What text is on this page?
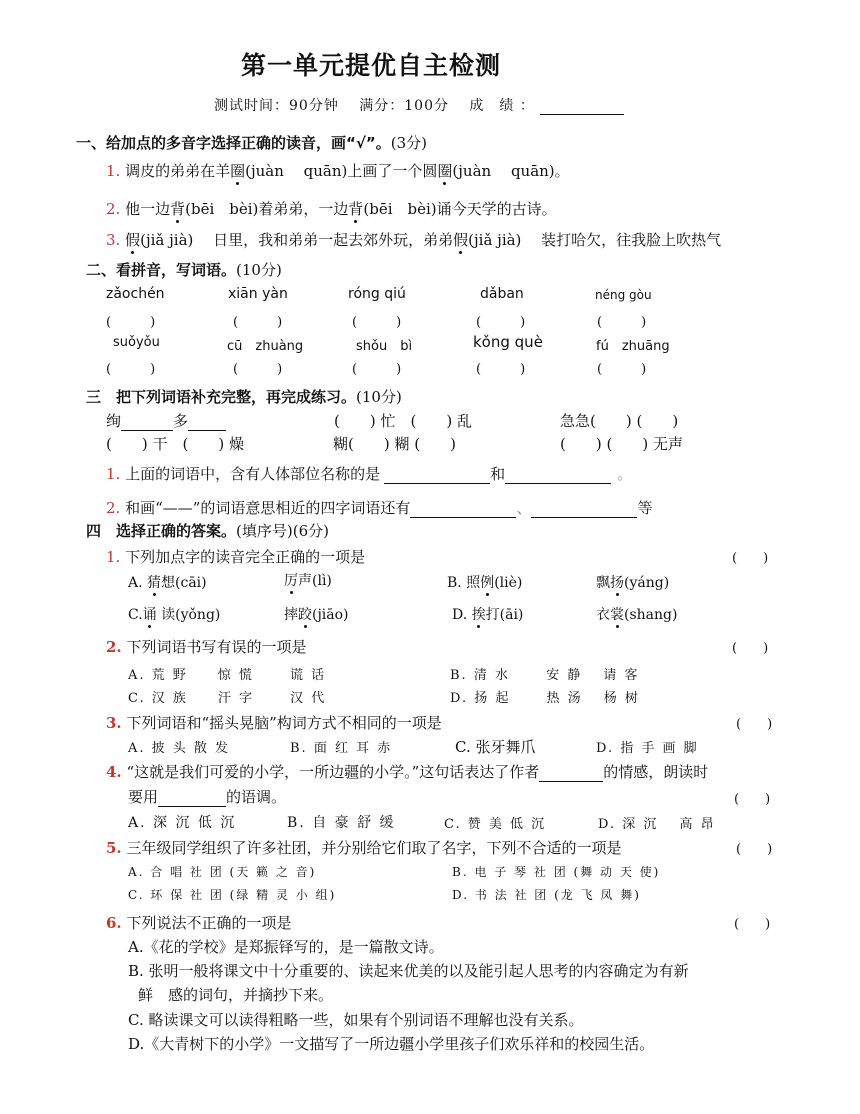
第一单元提优自主检测
测试时间：90分钟　 满分：100分　 成　绩 ：
一、给加点的多音字选择正确的读音，画“√”。(3分)
1. 调皮的弟弟在羊圈(juàn　 quān)上画了一个圆圈(juàn　 quān)。
2. 他一边背(bēi　bèi)着弟弟，一边背(bēi　bèi)诵今天学的古诗。
3. 假(jiǎ jià)　 日里，我和弟弟一起去郊外玩，弟弟假(jiǎ jià)　 装打哈欠，往我脸上吹热气
二、看拼音，写词语。(10分)
zǎochén	xiān yàn	róng qiú	dǎban	néng gòu
(　　　)	(　　　)	(　　　)	(　　　)	(　　　)
suǒyǒu	cū　zhuàng	shǒu　bì	kǒng què	fú　zhuāng
(　　　)	(　　　)	(　　　)	(　　　)	(　　　)
三　把下列词语补充完整，再完成练习。(10分)
绚	多	(　　) 忙　(　　) 乱	急急(　　) (　　)
(　　) 干　(　　) 燥	糊(　　) 糊 (　　)	(　　) (　　) 无声
1. 上面的词语中，含有人体部位名称的是	和	。
2. 和画“——”的词语意思相近的四字词语还有	、	等
四　选择正确的答案。(填序号)(6分)
1. 下列加点字的读音完全正确的一项是	(　　)
A. 猜想(cāi)	厉声(lì)	B. 照例(liè)	飘扬(yáng)
C.诵 读(yǒng)	摔跤(jiāo)	D. 挨打(āi)	衣裳(shang)
2. 下列词语书写有误的一项是	(　　)
A. 荒 野　　惊 慌　　 谎 话	B. 清 水　　 安 静　 请 客
C. 汉 族　　汗 字　　 汉 代	D. 扬 起　　 热 汤　 杨 树
3. 下列词语和“摇头晃脑”构词方式不相同的一项是	(　　)
A. 披 头 散 发	B. 面 红 耳 赤	C. 张牙舞爪	D. 指 手 画 脚
4. “这就是我们可爱的小学，一所边疆的小学。”这句话表达了作者	的情感，朗读时
要用	的语调。	(　　)
A. 深 沉 低 沉	B. 自 豪 舒 缓	C. 赞 美 低 沉	D. 深 沉　 高 昂
5. 三年级同学组织了许多社团，并分别给它们取了名字，下列不合适的一项是	(　　)
A. 合 唱 社 团 (天 籁 之 音)	B. 电 子 琴 社 团 (舞 动 天 使)
C. 环 保 社 团 (绿 精 灵 小 组)	D. 书 法 社 团 (龙 飞 凤 舞)
6. 下列说法不正确的一项是	(　　)
A.《花的学校》是郑振铎写的，是一篇散文诗。
B. 张明一般将课文中十分重要的、读起来优美的以及能引起人思考的内容确定为有新
鲜　感的词句，并摘抄下来。
C. 略读课文可以读得粗略一些，如果有个别词语不理解也没有关系。
D.《大青树下的小学》一文描写了一所边疆小学里孩子们欢乐祥和的校园生活。
